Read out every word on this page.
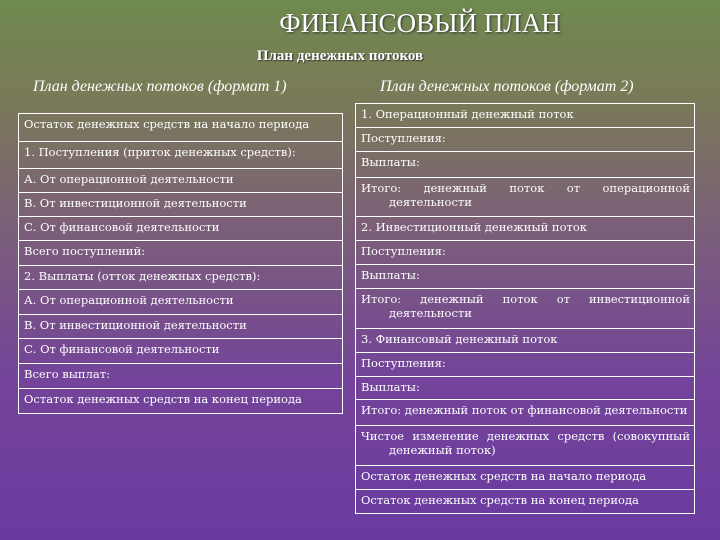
ФИНАНСОВЫЙ ПЛАН
План денежных потоков
План денежных потоков (формат 1)	План денежных потоков (формат 2)
Остаток денежных средств на начало периода
1. Поступления (приток денежных средств):
А. От операционной деятельности
В. От инвестиционной деятельности
С. От финансовой деятельности
Всего поступлений:
2. Выплаты (отток денежных средств):
А. От операционной деятельности
В. От инвестиционной деятельности
С. От финансовой деятельности
Всего выплат:
Остаток денежных средств на конец периода
1. Операционный денежный поток
Поступления:
Выплаты:
Итого: денежный поток от операционной
деятельности
2. Инвестиционный денежный поток
Поступления:
Выплаты:
Итого: денежный поток от инвестиционной
деятельности
3. Финансовый денежный поток
Поступления:
Выплаты:
Итого: денежный поток от финансовой деятельности
Чистое изменение денежных средств (совокупный
денежный поток)
Остаток денежных средств на начало периода
Остаток денежных средств на конец периода
